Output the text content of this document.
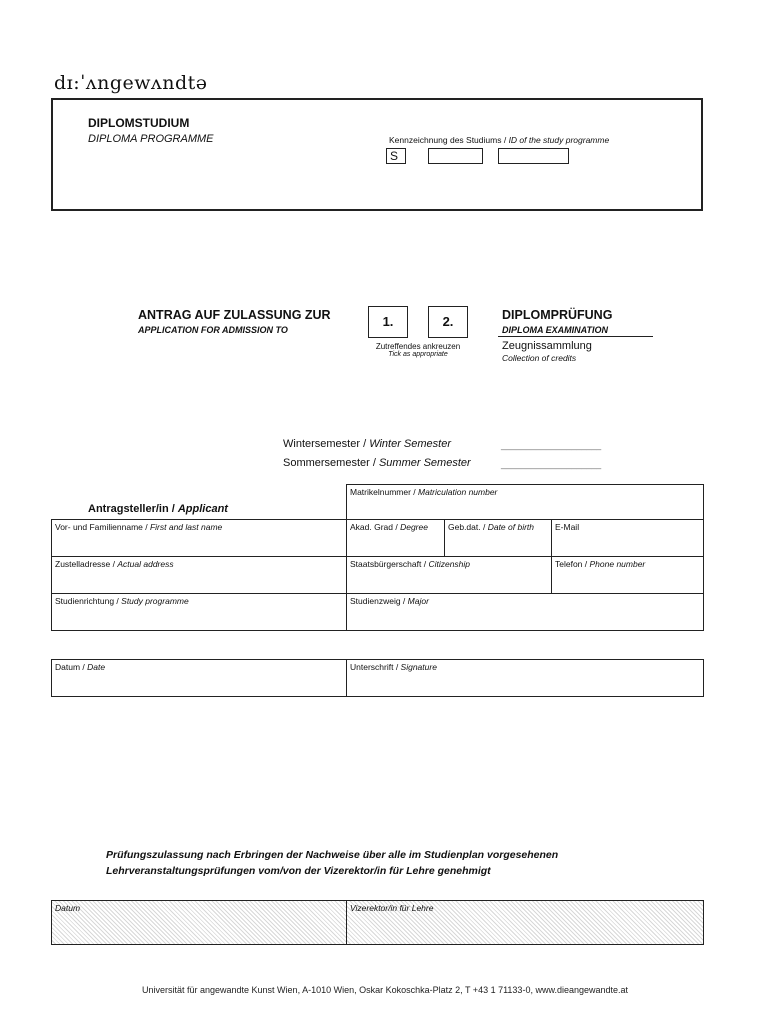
dɪ:ˈʌngewʌndtə
DIPLOMSTUDIUM
DIPLOMA PROGRAMME	Kennzeichnung des Studiums / ID of the study programme
S
ANTRAG AUF ZULASSUNG ZUR
APPLICATION FOR ADMISSION TO
1.	2.
Zutreffendes ankreuzen
Tick as appropriate
DIPLOMPRÜFUNG
DIPLOMA EXAMINATION
Zeugnissammlung
Collection of credits
Wintersemester / Winter Semester	____________________
Sommersemester / Summer Semester	____________________
Antragsteller/in / Applicant
Matrikelnummer / Matriculation number
Vor- und Familienname / First and last name	Akad. Grad / Degree	Geb.dat. / Date of birth	E-Mail
Zustelladresse / Actual address	Staatsbürgerschaft / Citizenship	Telefon / Phone number
Studienrichtung / Study programme	Studienzweig / Major
Datum / Date	Unterschrift / Signature
Prüfungszulassung nach Erbringen der Nachweise über alle im Studienplan vorgesehenen
Lehrveranstaltungsprüfungen vom/von der Vizerektor/in für Lehre genehmigt
Datum	Vizerektor/in für Lehre
Universität für angewandte Kunst Wien, A-1010 Wien, Oskar Kokoschka-Platz 2, T +43 1 71133-0, www.dieangewandte.at
